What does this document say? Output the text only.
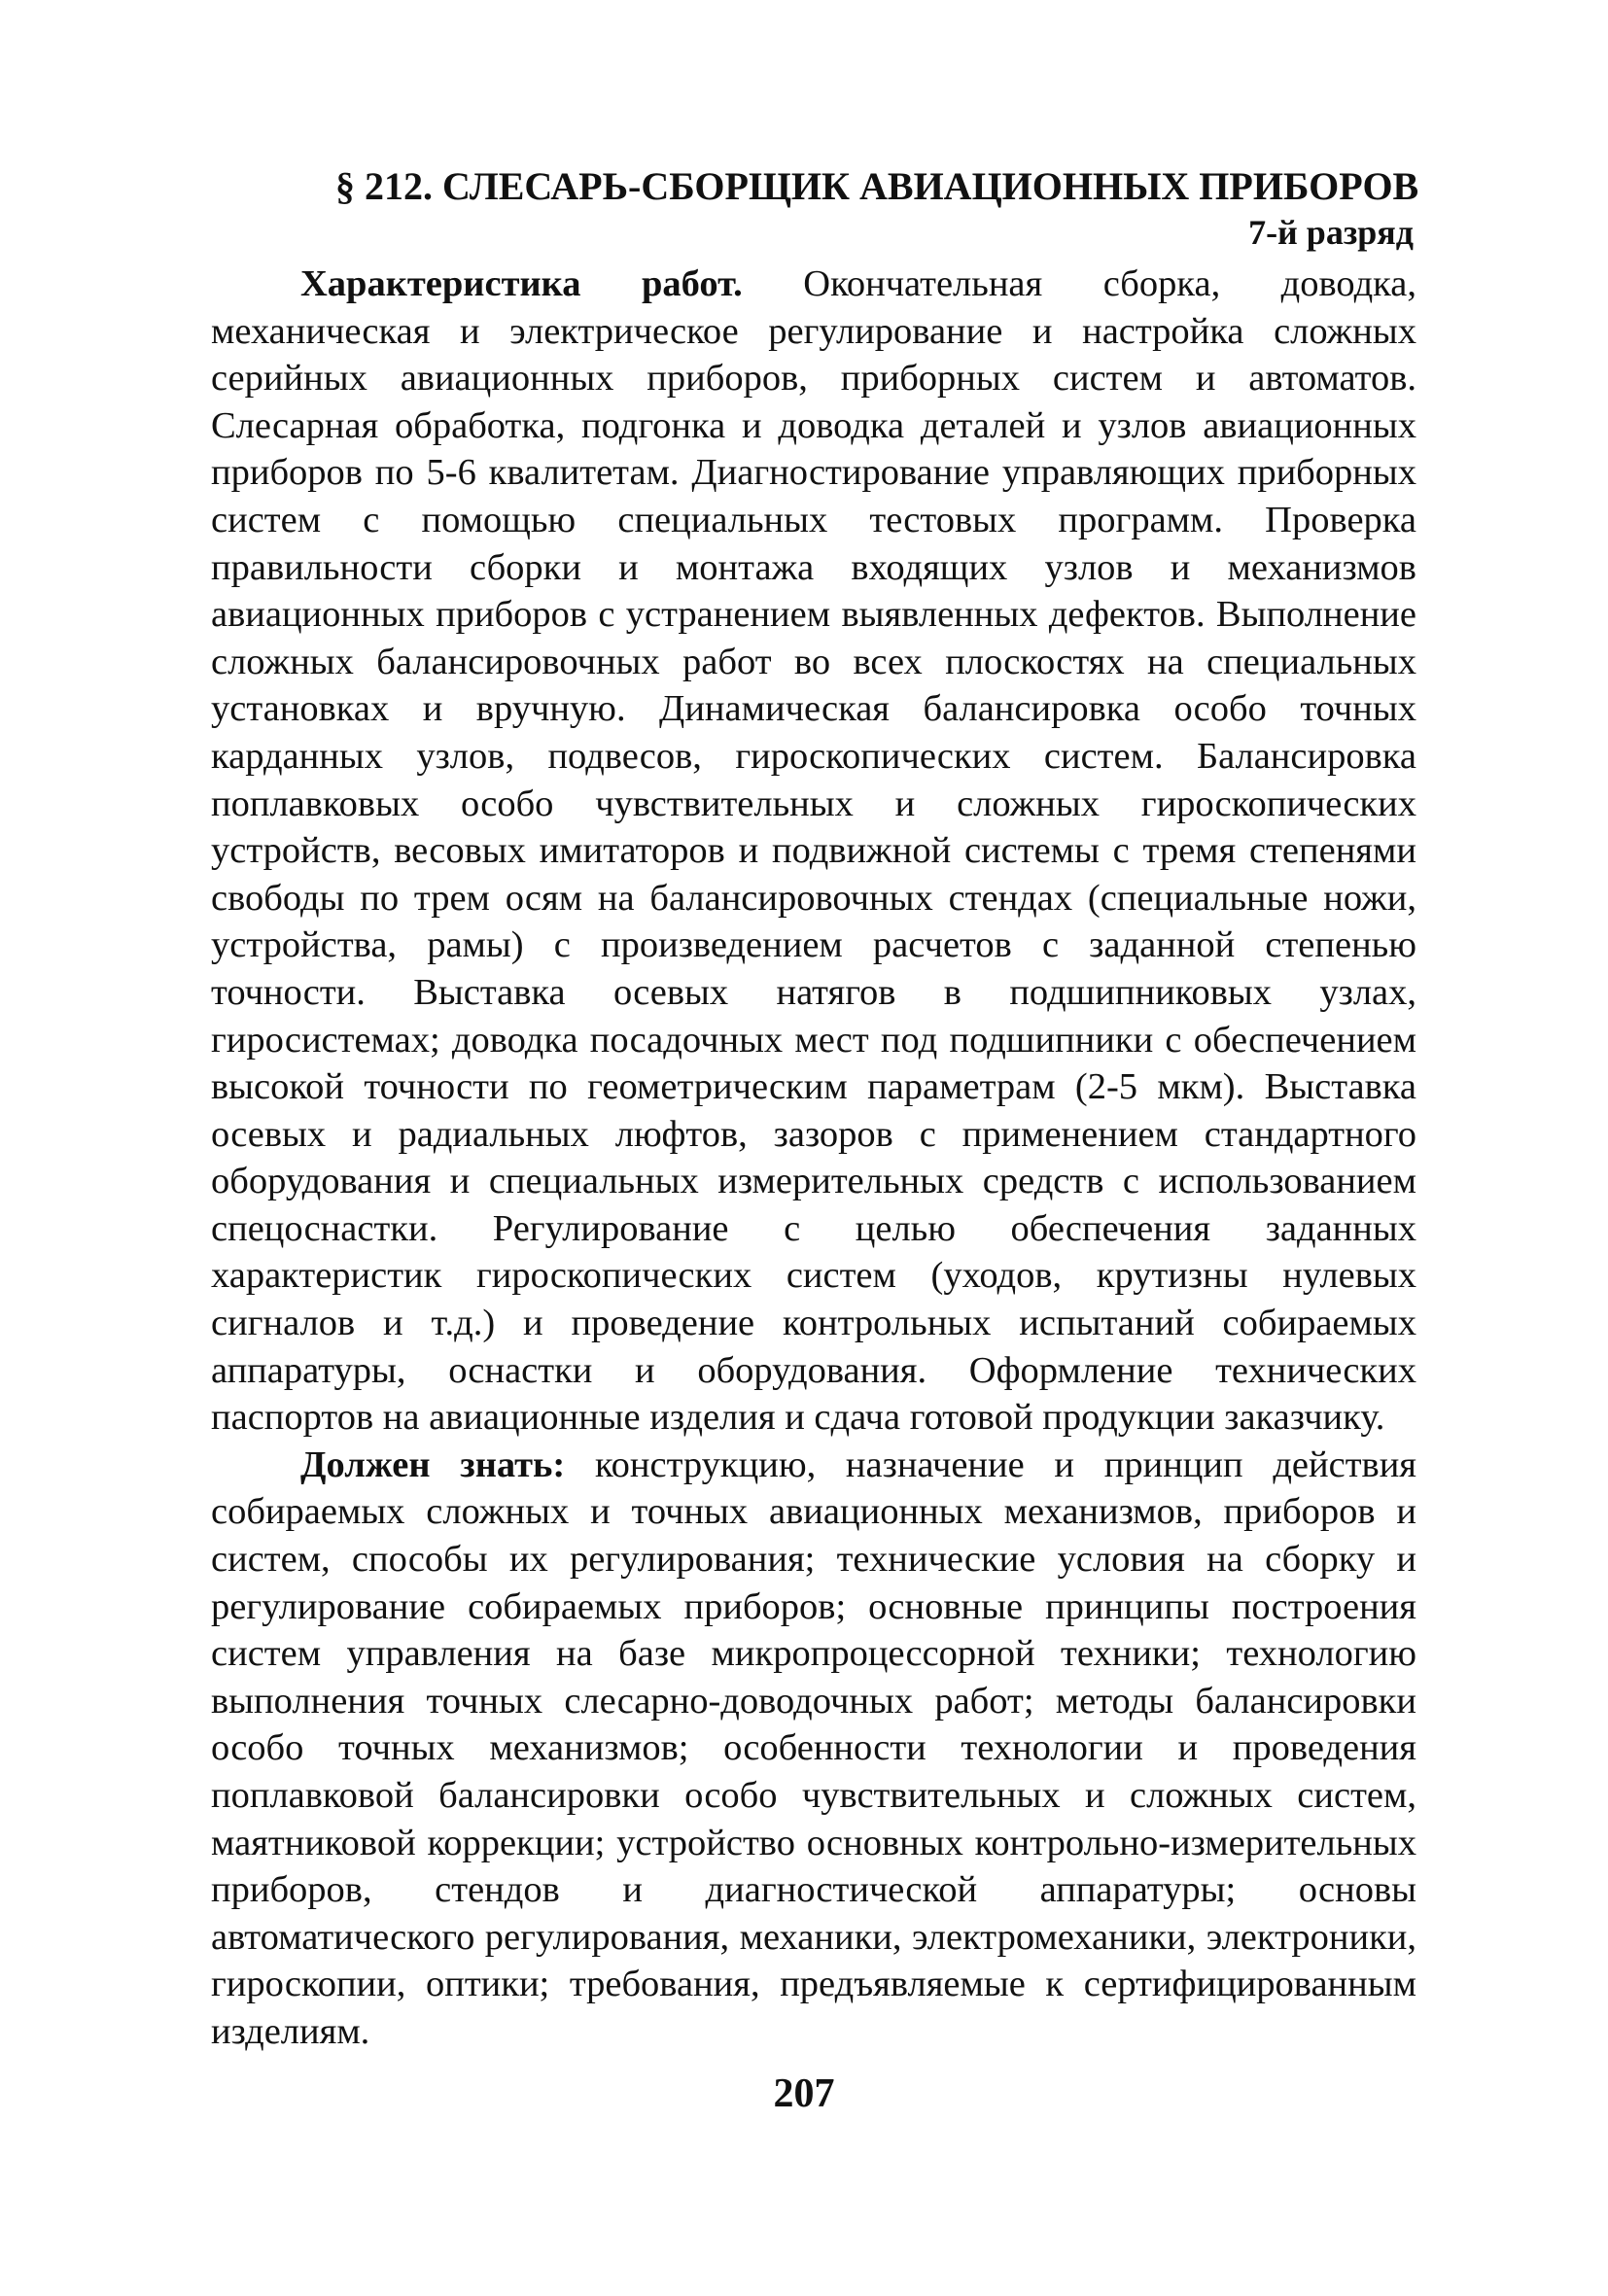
§ 212. СЛЕСАРЬ-СБОРЩИК АВИАЦИОННЫХ ПРИБОРОВ
7-й разряд

Характеристика работ. Окончательная сборка, доводка, механическая и электрическое регулирование и настройка сложных серийных авиационных приборов, приборных систем и автоматов. Слесарная обработка, подгонка и доводка деталей и узлов авиационных приборов по 5-6 квалитетам. Диагностирование управляющих приборных систем с помощью специальных тестовых программ. Проверка правильности сборки и монтажа входящих узлов и механизмов авиационных приборов с устранением выявленных дефектов. Выполнение сложных балансировочных работ во всех плоскостях на специальных установках и вручную. Динамическая балансировка особо точных карданных узлов, подвесов, гироскопических систем. Балансировка поплавковых особо чувствительных и сложных гироскопических устройств, весовых имитаторов и подвижной системы с тремя степенями свободы по трем осям на балансировочных стендах (специальные ножи, устройства, рамы) с произведением расчетов с заданной степенью точности. Выставка осевых натягов в подшипниковых узлах, гиросистемах; доводка посадочных мест под подшипники с обеспечением высокой точности по геометрическим параметрам (2-5 мкм). Выставка осевых и радиальных люфтов, зазоров с применением стандартного оборудования и специальных измерительных средств с использованием спецоснастки. Регулирование с целью обеспечения заданных характеристик гироскопических систем (уходов, крутизны нулевых сигналов и т.д.) и проведение контрольных испытаний собираемых аппаратуры, оснастки и оборудования. Оформление технических паспортов на авиационные изделия и сдача готовой продукции заказчику.

Должен знать: конструкцию, назначение и принцип действия собираемых сложных и точных авиационных механизмов, приборов и систем, способы их регулирования; технические условия на сборку и регулирование собираемых приборов; основные принципы построения систем управления на базе микропроцессорной техники; технологию выполнения точных слесарно-доводочных работ; методы балансировки особо точных механизмов; особенности технологии и проведения поплавковой балансировки особо чувствительных и сложных систем, маятниковой коррекции; устройство основных контрольно-измерительных приборов, стендов и диагностической аппаратуры; основы автоматического регулирования, механики, электромеханики, электроники, гироскопии, оптики; требования, предъявляемые к сертифицированным изделиям.

207
